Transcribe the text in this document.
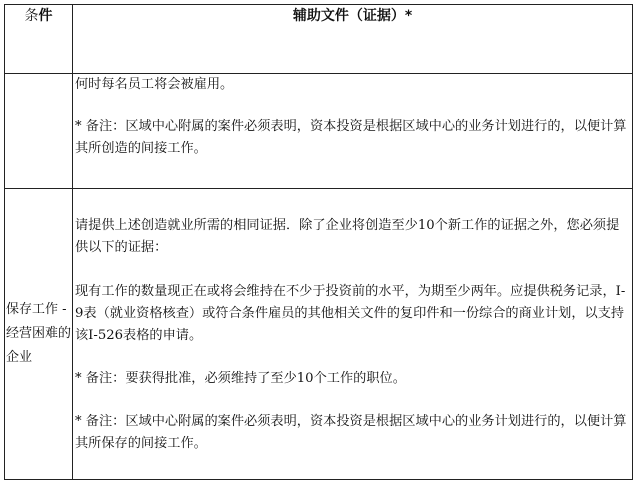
条件	辅助文件（证据）*

	何时每名员工将会被雇用。

* 备注：区域中心附属的案件必须表明，资本投资是根据区域中心的业务计划进行的，以便计算其所创造的间接工作。

保存工作 - 经营困难的企业	请提供上述创造就业所需的相同证据．除了企业将创造至少10个新工作的证据之外，您必须提供以下的证据：

现有工作的数量现正在或将会维持在不少于投资前的水平，为期至少两年。应提供税务记录，I-9表（就业资格核查）或符合条件雇员的其他相关文件的复印件和一份综合的商业计划，以支持该I-526表格的申请。

* 备注：要获得批准，必须维持了至少10个工作的职位。

* 备注：区域中心附属的案件必须表明，资本投资是根据区域中心的业务计划进行的，以便计算其所保存的间接工作。
